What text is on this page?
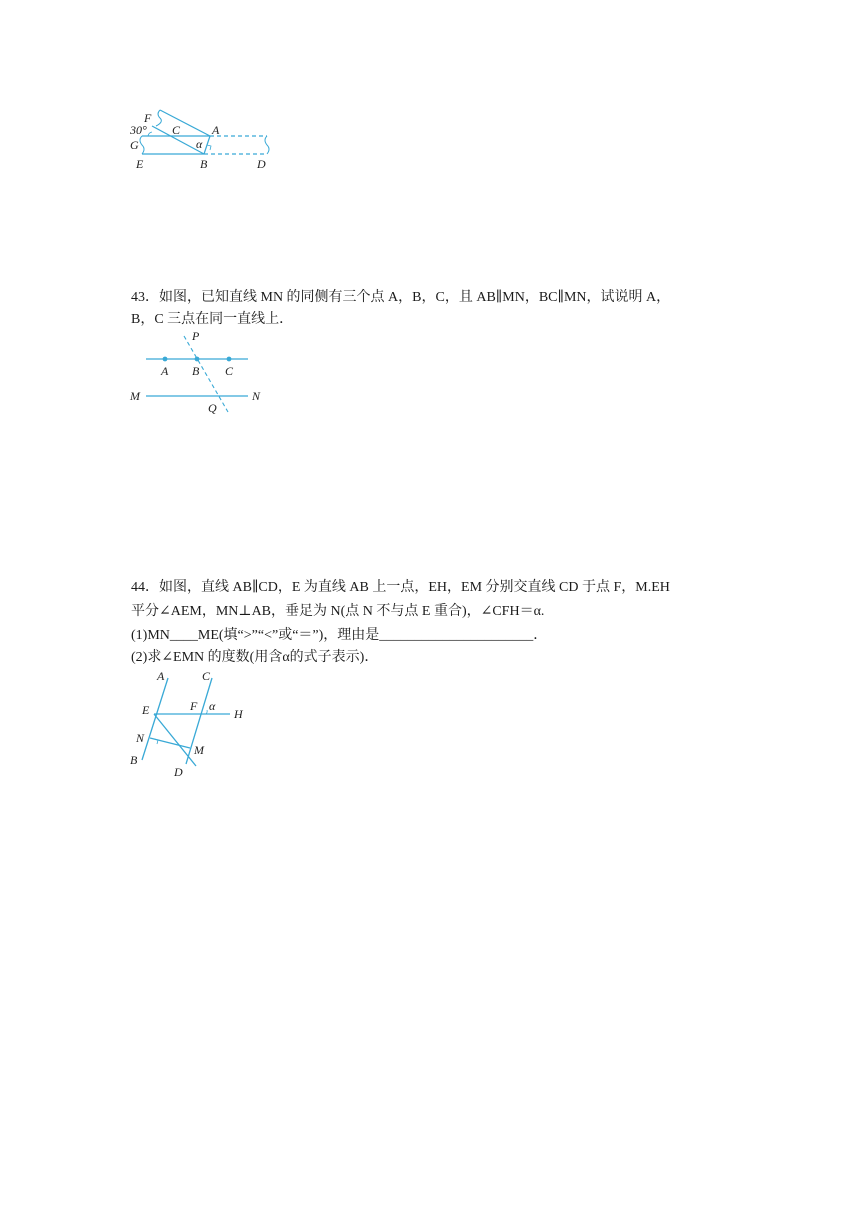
F
30° C	A
G	α
E	B	D
43．如图，已知直线 MN 的同侧有三个点 A，B，C，且 AB∥MN，BC∥MN，试说明 A，
B，C 三点在同一直线上．
P
A B C
M	N
Q
44．如图，直线 AB∥CD，E 为直线 AB 上一点，EH，EM 分别交直线 CD 于点 F，M.EH
平分∠AEM，MN⊥AB，垂足为 N(点 N 不与点 E 重合)，∠CFH＝α.
(1)MN____ME(填“>”“<”或“＝”)，理由是______________________．
(2)求∠EMN 的度数(用含α的式子表示)．
A	C
E	F α
H
N
M
B
D
